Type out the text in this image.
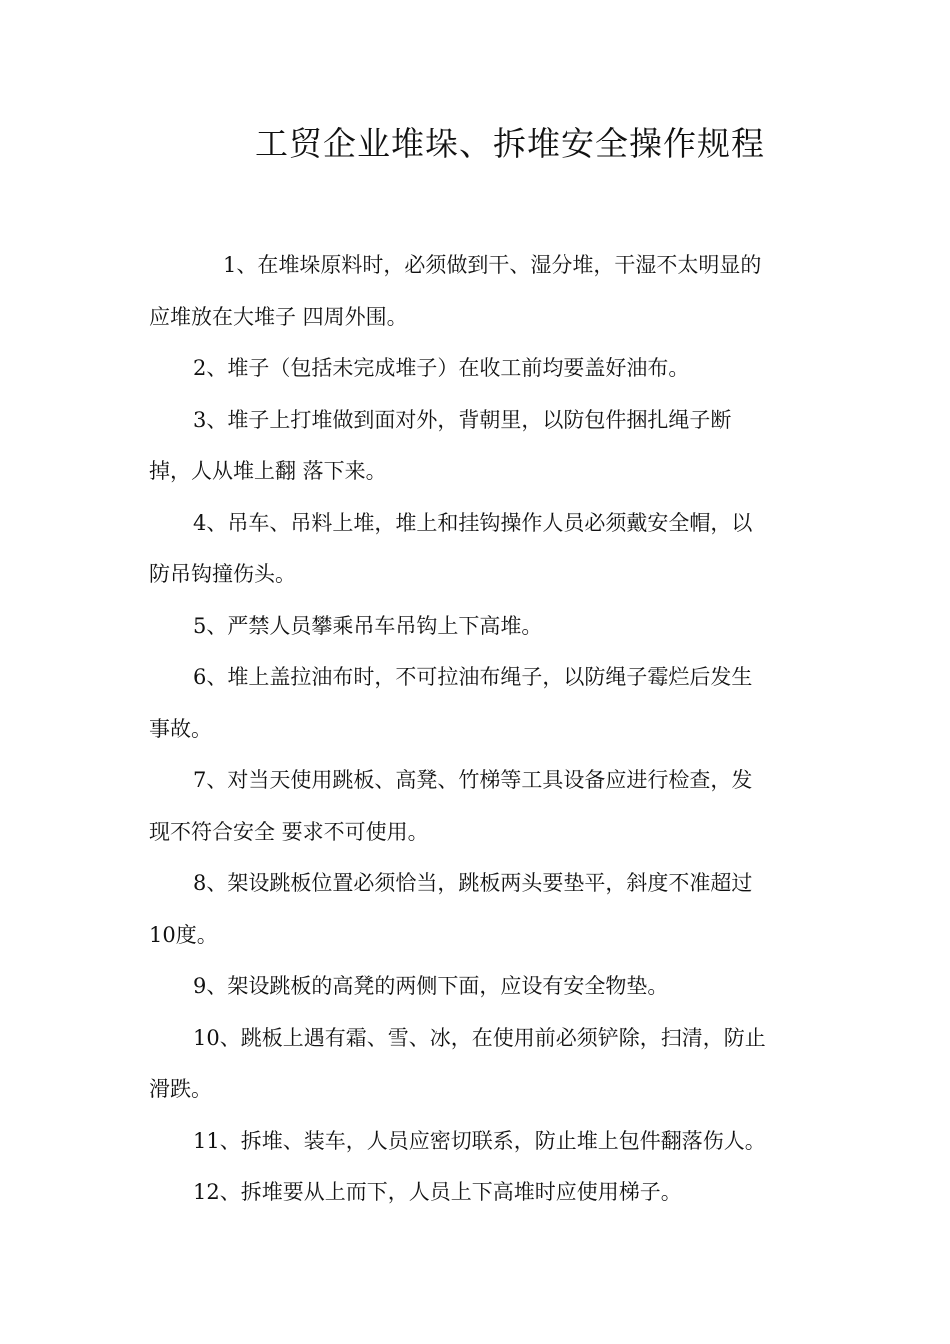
工贸企业堆垛、拆堆安全操作规程

1、在堆垛原料时，必须做到干、湿分堆，干湿不太明显的
应堆放在大堆子 四周外围。

2、堆子（包括未完成堆子）在收工前均要盖好油布。

3、堆子上打堆做到面对外，背朝里，以防包件捆扎绳子断
掉，人从堆上翻 落下来。

4、吊车、吊料上堆，堆上和挂钩操作人员必须戴安全帽，以
防吊钩撞伤头。

5、严禁人员攀乘吊车吊钩上下高堆。

6、堆上盖拉油布时，不可拉油布绳子，以防绳子霉烂后发生
事故。

7、对当天使用跳板、高凳、竹梯等工具设备应进行检查，发
现不符合安全 要求不可使用。

8、架设跳板位置必须恰当，跳板两头要垫平，斜度不准超过
10度。

9、架设跳板的高凳的两侧下面，应设有安全物垫。

10、跳板上遇有霜、雪、冰，在使用前必须铲除，扫清，防止
滑跌。

11、拆堆、装车，人员应密切联系，防止堆上包件翻落伤人。

12、拆堆要从上而下，人员上下高堆时应使用梯子。
